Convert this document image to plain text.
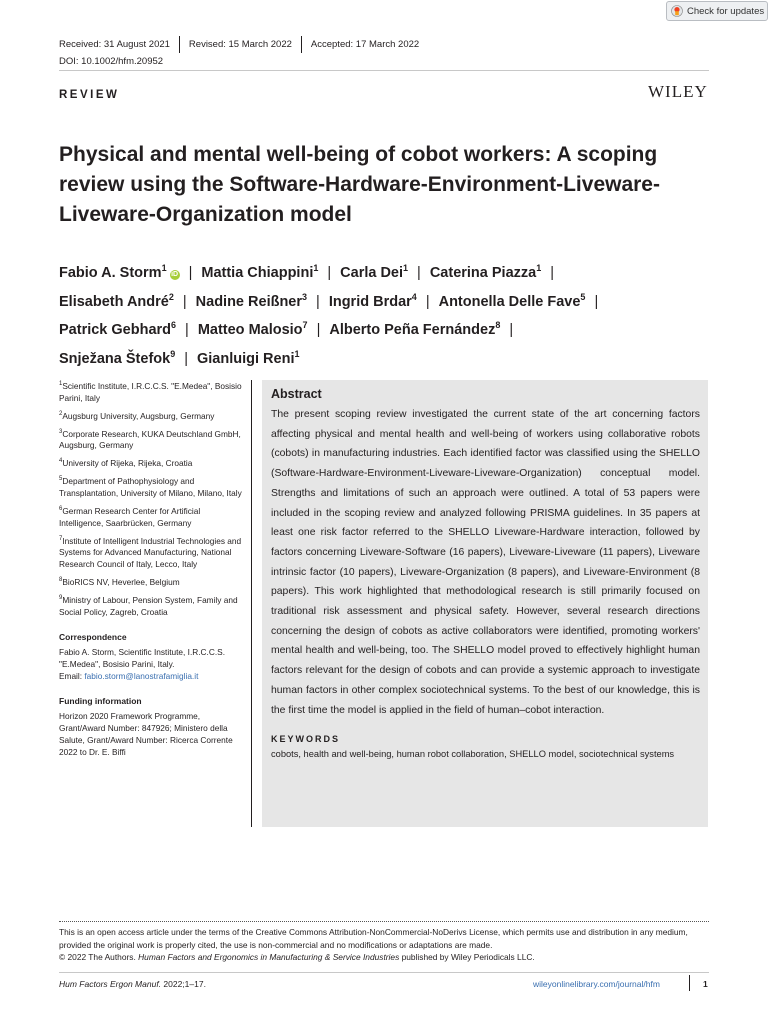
Check for updates
Received: 31 August 2021	Revised: 15 March 2022	Accepted: 17 March 2022
DOI: 10.1002/hfm.20952
REVIEW	WILEY
Physical and mental well-being of cobot workers: A scoping review using the Software-Hardware-Environment-Liveware-Liveware-Organization model
Fabio A. Storm$^1$iD | Mattia Chiappini$^1$ | Carla Dei$^1$ | Caterina Piazza$^1$ |
Elisabeth André$^2$ | Nadine Reißner$^3$ | Ingrid Brdar$^4$ | Antonella Delle Fave$^5$ |
Patrick Gebhard$^6$ | Matteo Malosio$^7$ | Alberto Peña Fernández$^8$ |
Snježana Štefok$^9$ | Gianluigi Reni$^1$
$^1$Scientific Institute, I.R.C.C.S. "E.Medea", Bosisio Parini, Italy
$^2$Augsburg University, Augsburg, Germany
$^3$Corporate Research, KUKA Deutschland GmbH, Augsburg, Germany
$^4$University of Rijeka, Rijeka, Croatia
$^5$Department of Pathophysiology and Transplantation, University of Milano, Milano, Italy
$^6$German Research Center for Artificial Intelligence, Saarbrücken, Germany
$^7$Institute of Intelligent Industrial Technologies and Systems for Advanced Manufacturing, National Research Council of Italy, Lecco, Italy
$^8$BioRICS NV, Heverlee, Belgium
$^9$Ministry of Labour, Pension System, Family and Social Policy, Zagreb, Croatia
Correspondence
Fabio A. Storm, Scientific Institute, I.R.C.C.S. "E.Medea", Bosisio Parini, Italy.
Email: fabio.storm@lanostrafamiglia.it
Funding information
Horizon 2020 Framework Programme, Grant/Award Number: 847926; Ministero della Salute, Grant/Award Number: Ricerca Corrente 2022 to Dr. E. Biffi
Abstract

The present scoping review investigated the current state of the art concerning factors affecting physical and mental health and well-being of workers using collaborative robots (cobots) in manufacturing industries. Each identified factor was classified using the SHELLO (Software-Hardware-Environment-Liveware-Liveware-Organization) conceptual model. Strengths and limitations of such an approach were outlined. A total of 53 papers were included in the scoping review and analyzed following PRISMA guidelines. In 35 papers at least one risk factor referred to the SHELLO Liveware-Hardware interaction, followed by factors concerning Liveware-Software (16 papers), Liveware-Liveware (11 papers), Liveware intrinsic factor (10 papers), Liveware-Organization (8 papers), and Liveware-Environment (8 papers). This work highlighted that methodological research is still primarily focused on traditional risk assessment and physical safety. However, several research directions concerning the design of cobots as active collaborators were identified, promoting workers' mental health and well-being, too. The SHELLO model proved to effectively highlight human factors relevant for the design of cobots and can provide a systemic approach to investigate human factors in other complex sociotechnical systems. To the best of our knowledge, this is the first time the model is applied in the field of human–cobot interaction.

KEYWORDS
cobots, health and well-being, human robot collaboration, SHELLO model, sociotechnical systems
This is an open access article under the terms of the Creative Commons Attribution-NonCommercial-NoDerivs License, which permits use and distribution in any medium, provided the original work is properly cited, the use is non-commercial and no modifications or adaptations are made.
© 2022 The Authors. Human Factors and Ergonomics in Manufacturing & Service Industries published by Wiley Periodicals LLC.
Hum Factors Ergon Manuf. 2022;1–17.	wileyonlinelibrary.com/journal/hfm	1
